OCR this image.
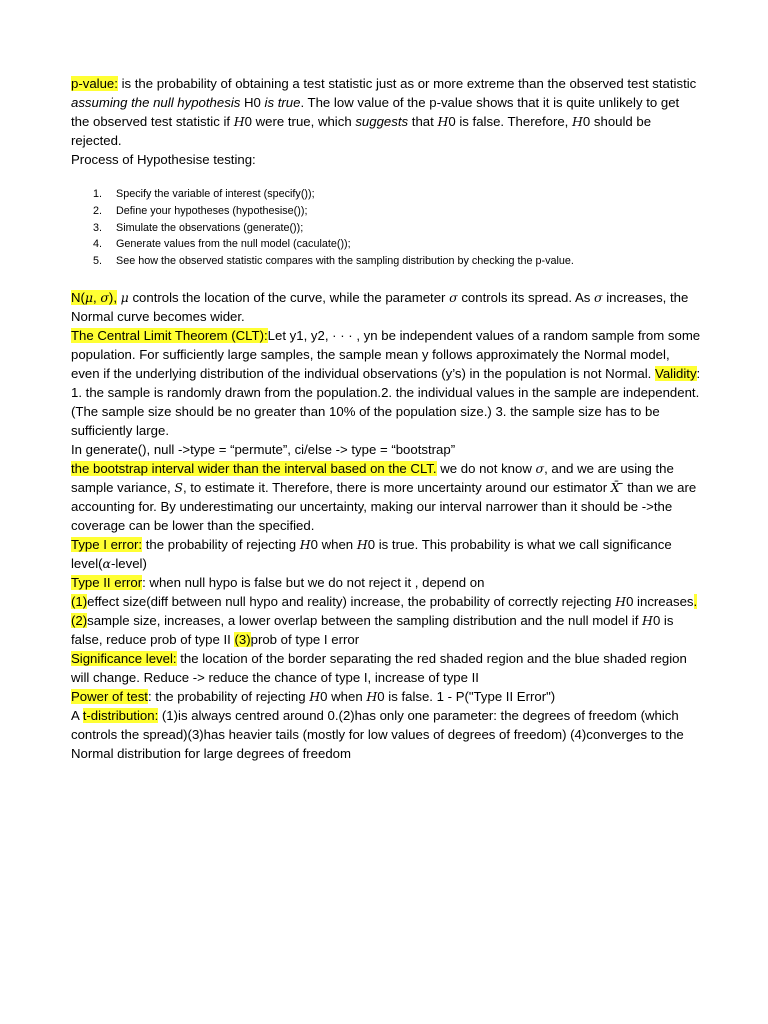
p-value: is the probability of obtaining a test statistic just as or more extreme than the observed test statistic assuming the null hypothesis H0 is true. The low value of the p-value shows that it is quite unlikely to get the observed test statistic if H0 were true, which suggests that H0 is false. Therefore, H0 should be rejected.
Process of Hypothesise testing:
1.	Specify the variable of interest (specify());
2.	Define your hypotheses (hypothesise());
3.	Simulate the observations (generate());
4.	Generate values from the null model (caculate());
5.	See how the observed statistic compares with the sampling distribution by checking the p-value.

N(μ, σ), μ controls the location of the curve, while the parameter σ controls its spread. As σ increases, the Normal curve becomes wider.

The Central Limit Theorem (CLT):Let y1, y2, · · · , yn be independent values of a random sample from some population. For sufficiently large samples, the sample mean y follows approximately the Normal model, even if the underlying distribution of the individual observations (y’s) in the population is not Normal. Validity: 1. the sample is randomly drawn from the population.2. the individual values in the sample are independent. (The sample size should be no greater than 10% of the population size.) 3. the sample size has to be sufficiently large.

In generate(), null ->type = “permute”, ci/else -> type = “bootstrap”

the bootstrap interval wider than the interval based on the CLT. we do not know σ, and we are using the sample variance, S, to estimate it. Therefore, there is more uncertainty around our estimator X̄ ̄ than we are accounting for. By underestimating our uncertainty, making our interval narrower than it should be ->the coverage can be lower than the specified.

Type I error: the probability of rejecting H0 when H0 is true. This probability is what we call significance level(α-level)

Type II error: when null hypo is false but we do not reject it , depend on
(1)effect size(diff between null hypo and reality) increase, the probability of correctly rejecting H0 increases. (2)sample size, increases, a lower overlap between the sampling distribution and the null model if H0 is false, reduce prob of type II (3)prob of type I error

Significance level: the location of the border separating the red shaded region and the blue shaded region will change. Reduce -> reduce the chance of type I, increase of type II

Power of test: the probability of rejecting H0 when H0 is false. 1 - P("Type II Error")

A t-distribution: (1)is always centred around 0.(2)has only one parameter: the degrees of freedom (which controls the spread)(3)has heavier tails (mostly for low values of degrees of freedom) (4)converges to the Normal distribution for large degrees of freedom
